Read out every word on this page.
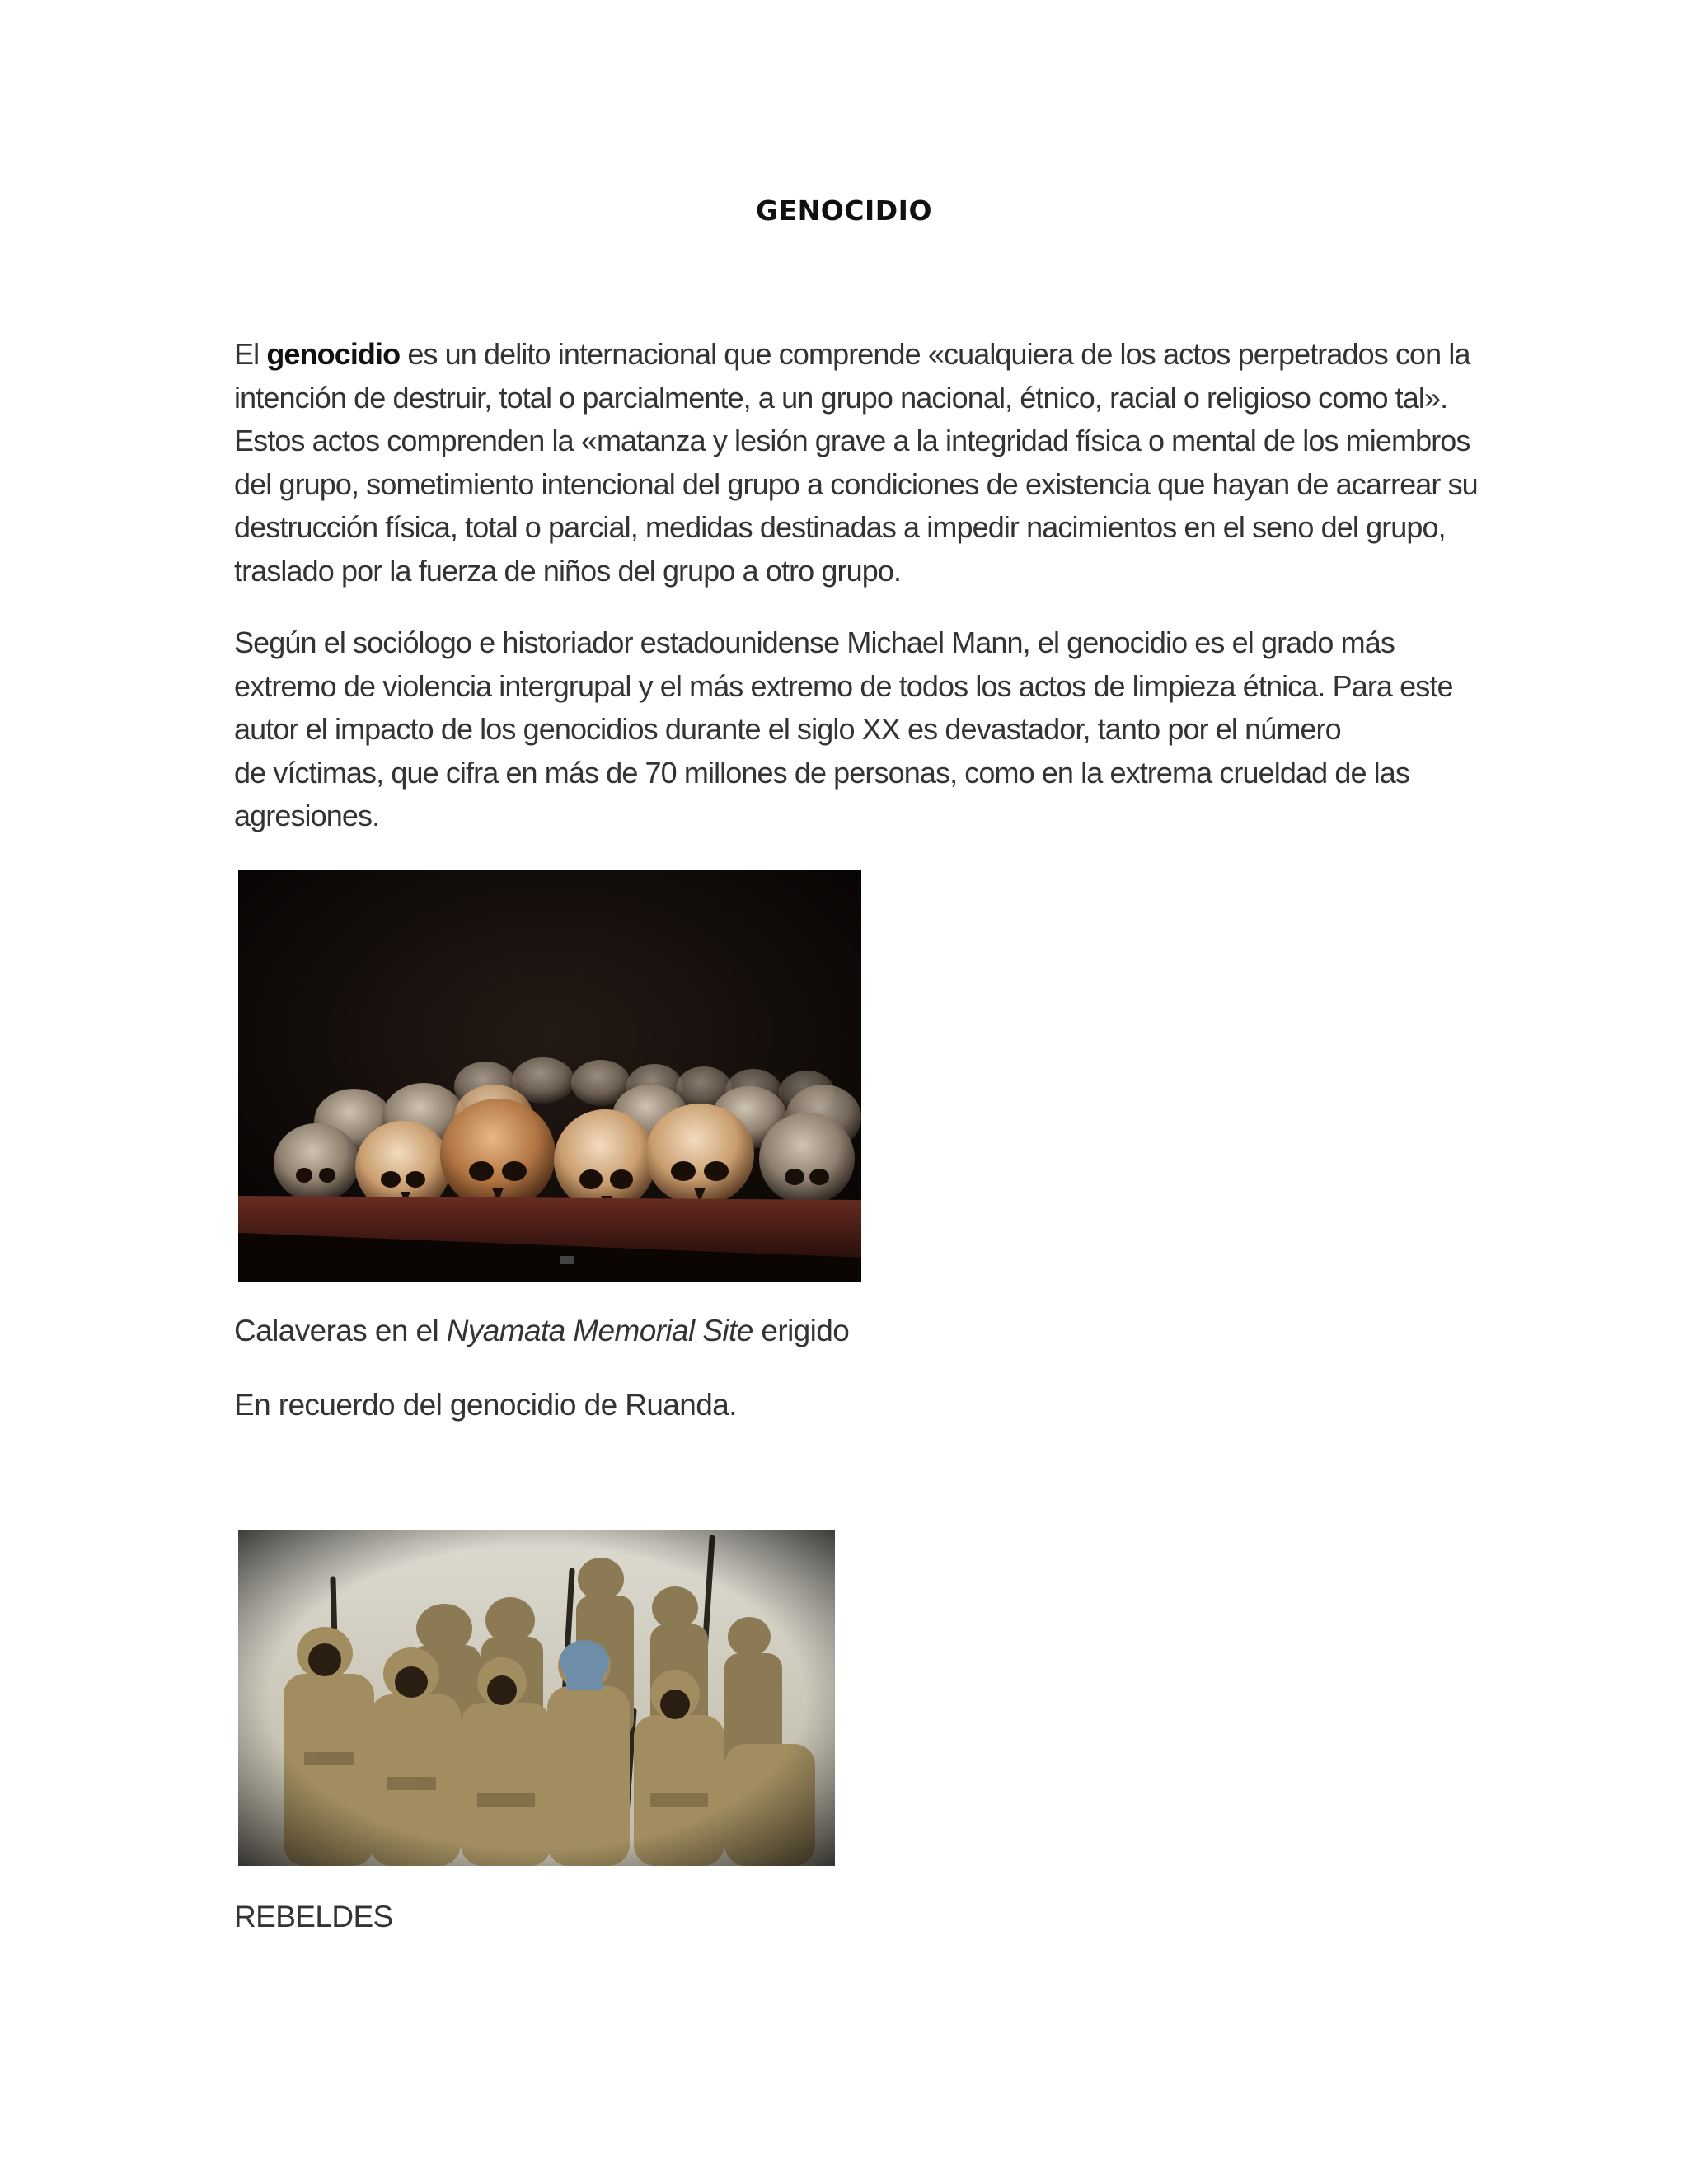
GENOCIDIO
El genocidio es un delito internacional que comprende «cualquiera de los actos perpetrados con la
intención de destruir, total o parcialmente, a un grupo nacional, étnico, racial o religioso como tal».
Estos actos comprenden la «matanza y lesión grave a la integridad física o mental de los miembros
del grupo, sometimiento intencional del grupo a condiciones de existencia que hayan de acarrear su
destrucción física, total o parcial, medidas destinadas a impedir nacimientos en el seno del grupo,
traslado por la fuerza de niños del grupo a otro grupo.
Según el sociólogo e historiador estadounidense Michael Mann, el genocidio es el grado más
extremo de violencia intergrupal y el más extremo de todos los actos de limpieza étnica. Para este
autor el impacto de los genocidios durante el siglo XX es devastador, tanto por el número
de víctimas, que cifra en más de 70 millones de personas, como en la extrema crueldad de las
agresiones.
Calaveras en el Nyamata Memorial Site erigido
En recuerdo del genocidio de Ruanda.
REBELDES
